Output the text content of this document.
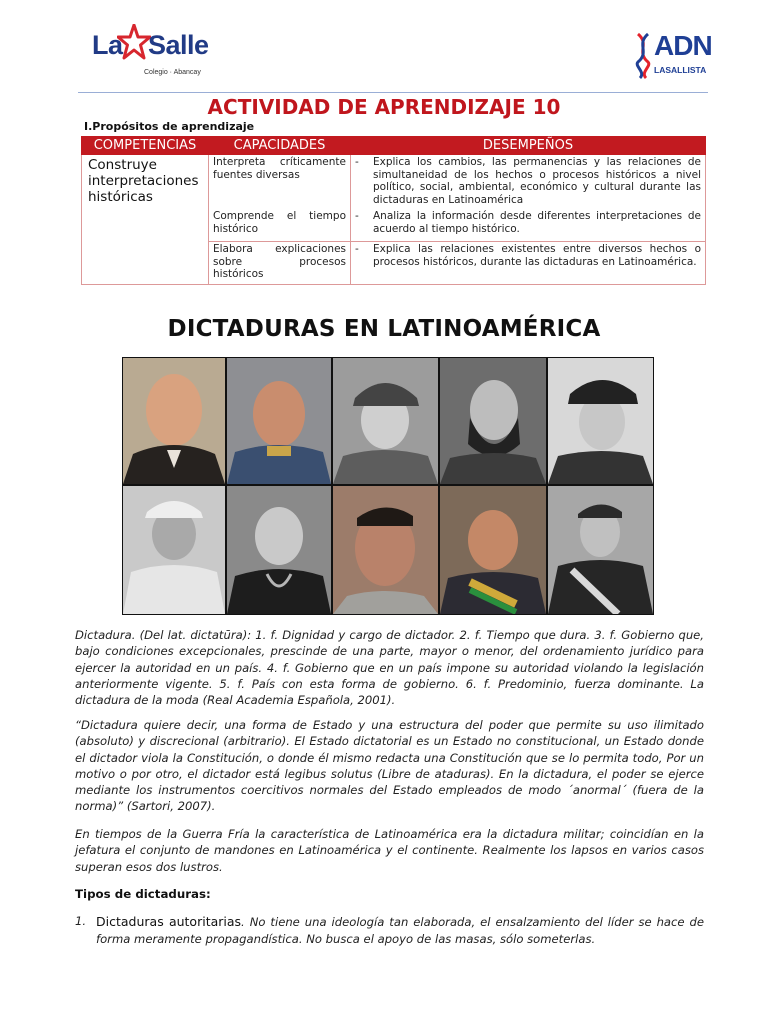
La Salle
Colegio · Abancay
ADN
LASALLISTA
ACTIVIDAD DE APRENDIZAJE 10
I.Propósitos de aprendizaje
COMPETENCIAS	CAPACIDADES	DESEMPEÑOS
Construye interpretaciones históricas	Interpreta críticamente fuentes diversas	- Explica los cambios, las permanencias y las relaciones de simultaneidad de los hechos o procesos históricos a nivel político, social, ambiental, económico y cultural durante las dictaduras en Latinoamérica

	Comprende el tiempo histórico	- Analiza la información desde diferentes interpretaciones de acuerdo al tiempo histórico.

	Elabora explicaciones sobre procesos históricos	- Explica las relaciones existentes entre diversos hechos o procesos históricos, durante las dictaduras en Latinoamérica.
DICTADURAS EN LATINOAMÉRICA
Dictadura. (Del lat. dictatūra): 1. f. Dignidad y cargo de dictador. 2. f. Tiempo que dura. 3. f. Gobierno que, bajo condiciones excepcionales, prescinde de una parte, mayor o menor, del ordenamiento jurídico para ejercer la autoridad en un país. 4. f. Gobierno que en un país impone su autoridad violando la legislación anteriormente vigente. 5. f. País con esta forma de gobierno. 6. f. Predominio, fuerza dominante. La dictadura de la moda (Real Academia Española, 2001).
“Dictadura quiere decir, una forma de Estado y una estructura del poder que permite su uso ilimitado (absoluto) y discrecional (arbitrario). El Estado dictatorial es un Estado no constitucional, un Estado donde el dictador viola la Constitución, o donde él mismo redacta una Constitución que se lo permita todo, Por un motivo o por otro, el dictador está legibus solutus (Libre de ataduras). En la dictadura, el poder se ejerce mediante los instrumentos coercitivos normales del Estado empleados de modo ´anormal´ (fuera de la norma)” (Sartori, 2007).
En tiempos de la Guerra Fría la característica de Latinoamérica era la dictadura militar; coincidían en la jefatura el conjunto de mandones en Latinoamérica y el continente. Realmente los lapsos en varios casos superan esos dos lustros.
Tipos de dictaduras:
1. Dictaduras autoritarias. No tiene una ideología tan elaborada, el ensalzamiento del líder se hace de forma meramente propagandística. No busca el apoyo de las masas, sólo someterlas.
